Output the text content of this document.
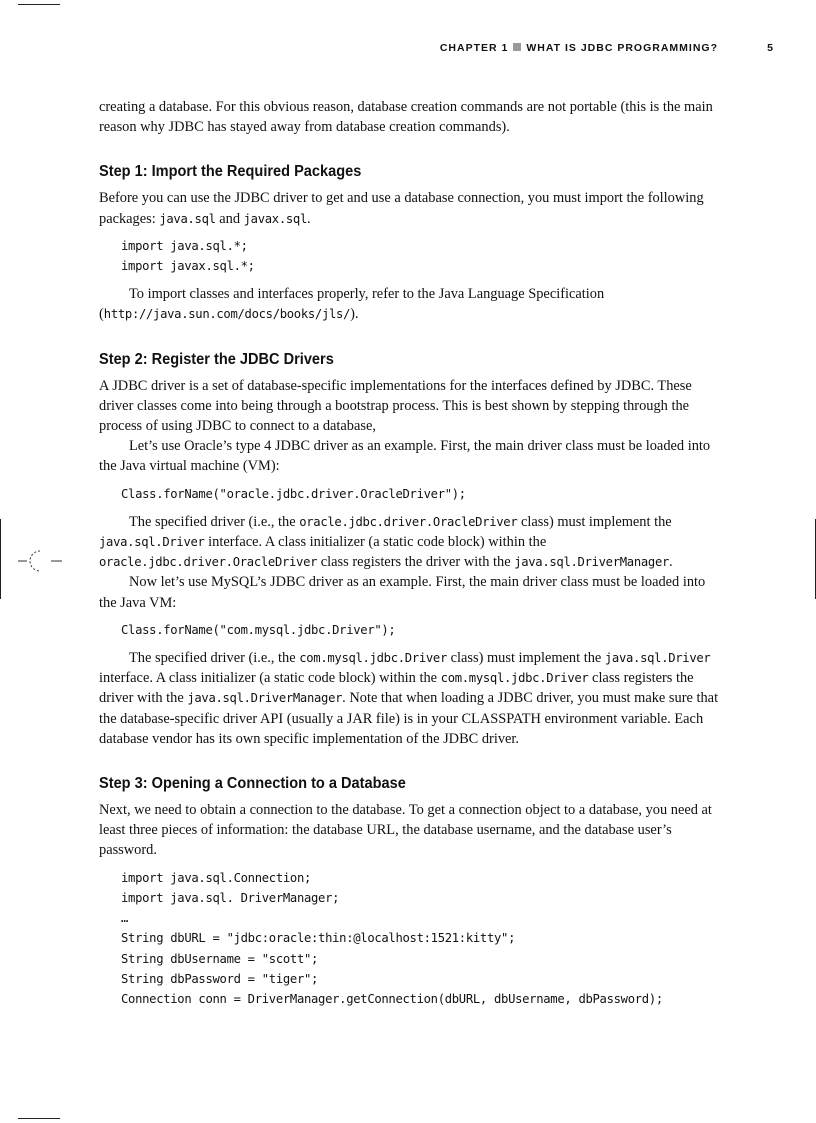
CHAPTER 1 WHAT IS JDBC PROGRAMMING?	5

creating a database. For this obvious reason, database creation commands are not portable (this is the main reason why JDBC has stayed away from database creation commands).

Step 1: Import the Required Packages

Before you can use the JDBC driver to get and use a database connection, you must import the following packages: java.sql and javax.sql.

import java.sql.*;
import javax.sql.*;

To import classes and interfaces properly, refer to the Java Language Specification (http://java.sun.com/docs/books/jls/).

Step 2: Register the JDBC Drivers

A JDBC driver is a set of database-specific implementations for the interfaces defined by JDBC. These driver classes come into being through a bootstrap process. This is best shown by stepping through the process of using JDBC to connect to a database,

Let’s use Oracle’s type 4 JDBC driver as an example. First, the main driver class must be loaded into the Java virtual machine (VM):

Class.forName("oracle.jdbc.driver.OracleDriver");

The specified driver (i.e., the oracle.jdbc.driver.OracleDriver class) must implement the java.sql.Driver interface. A class initializer (a static code block) within the oracle.jdbc.driver.OracleDriver class registers the driver with the java.sql.DriverManager.

Now let’s use MySQL’s JDBC driver as an example. First, the main driver class must be loaded into the Java VM:

Class.forName("com.mysql.jdbc.Driver");

The specified driver (i.e., the com.mysql.jdbc.Driver class) must implement the java.sql.Driver interface. A class initializer (a static code block) within the com.mysql.jdbc.Driver class registers the driver with the java.sql.DriverManager. Note that when loading a JDBC driver, you must make sure that the database-specific driver API (usually a JAR file) is in your CLASSPATH environment variable. Each database vendor has its own specific implementation of the JDBC driver.

Step 3: Opening a Connection to a Database

Next, we need to obtain a connection to the database. To get a connection object to a database, you need at least three pieces of information: the database URL, the database username, and the database user’s password.

import java.sql.Connection;
import java.sql. DriverManager;
…
String dbURL = "jdbc:oracle:thin:@localhost:1521:kitty";
String dbUsername = "scott";
String dbPassword = "tiger";
Connection conn = DriverManager.getConnection(dbURL, dbUsername, dbPassword);
